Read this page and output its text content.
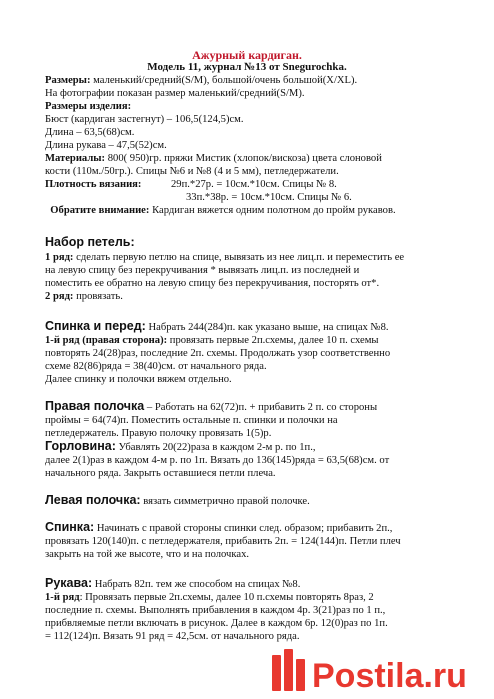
Ажурный кардиган.
Модель 11, журнал №13 от Snegurochka.
Размеры: маленький/средний(S/M), большой/очень большой(X/XL).
На фотографии показан размер маленький/средний(S/M).
Размеры изделия:
Бюст (кардиган застегнут) – 106,5(124,5)см.
Длина – 63,5(68)см.
Длина рукава – 47,5(52)см.
Материалы: 800( 950)гр. пряжи Мистик (хлопок/вискоза) цвета слоновой
кости (110м./50гр.). Спицы №6 и №8 (4 и 5 мм), петледержатели.
Плотность вязания:	29п.*27р. = 10см.*10см. Спицы № 8.
33п.*38р. = 10см.*10см. Спицы № 6.
Обратите внимание: Кардиган вяжется одним полотном до пройм рукавов.
Набор петель:
1 ряд: сделать первую петлю на спице, вывязать из нее лиц.п. и переместить ее
на левую спицу без перекручивания * вывязать лиц.п. из последней и
поместить ее обратно на левую спицу без перекручивания, посторять от*.
2 ряд: провязать.
Спинка и перед: Набрать 244(284)п. как указано выше, на спицах №8.
1-й ряд (правая сторона): провязать первые 2п.схемы, далее 10 п. схемы
повторять 24(28)раз, последние 2п. схемы. Продолжать узор соответственно
схеме 82(86)ряда = 38(40)см. от начального ряда.
Далее спинку и полочки вяжем отдельно.
Правая полочка – Работать на 62(72)п. + прибавить 2 п. со стороны
проймы = 64(74)п. Поместить остальные п. спинки и полочки на
петледержатель. Правую полочку провязать 1(5)р.
Горловина: Убавлять 20(22)раза в каждом 2-м р. по 1п.,
далее 2(1)раз в каждом 4-м р. по 1п. Вязать до 136(145)ряда = 63,5(68)см. от
начального ряда. Закрыть оставшиеся петли плеча.
Левая полочка: вязать симметрично правой полочке.
Спинка: Начинать с правой стороны спинки след. образом; прибавить 2п.,
провязать 120(140)п. с петледержателя, прибавить 2п. = 124(144)п. Петли плеч
закрыть на той же высоте, что и на полочках.
Рукава: Набрать 82п. тем же способом на спицах №8.
1-й ряд: Провязать первые 2п.схемы, далее 10 п.схемы повторять 8раз, 2
последние п. схемы. Выполнять прибавления в каждом 4р. 3(21)раз по 1 п.,
прибвляемые петли включать в рисунок. Далее в каждом 6р. 12(0)раз по 1п.
= 112(124)п. Вязать 91 ряд = 42,5см. от начального ряда.
Postila.ru
